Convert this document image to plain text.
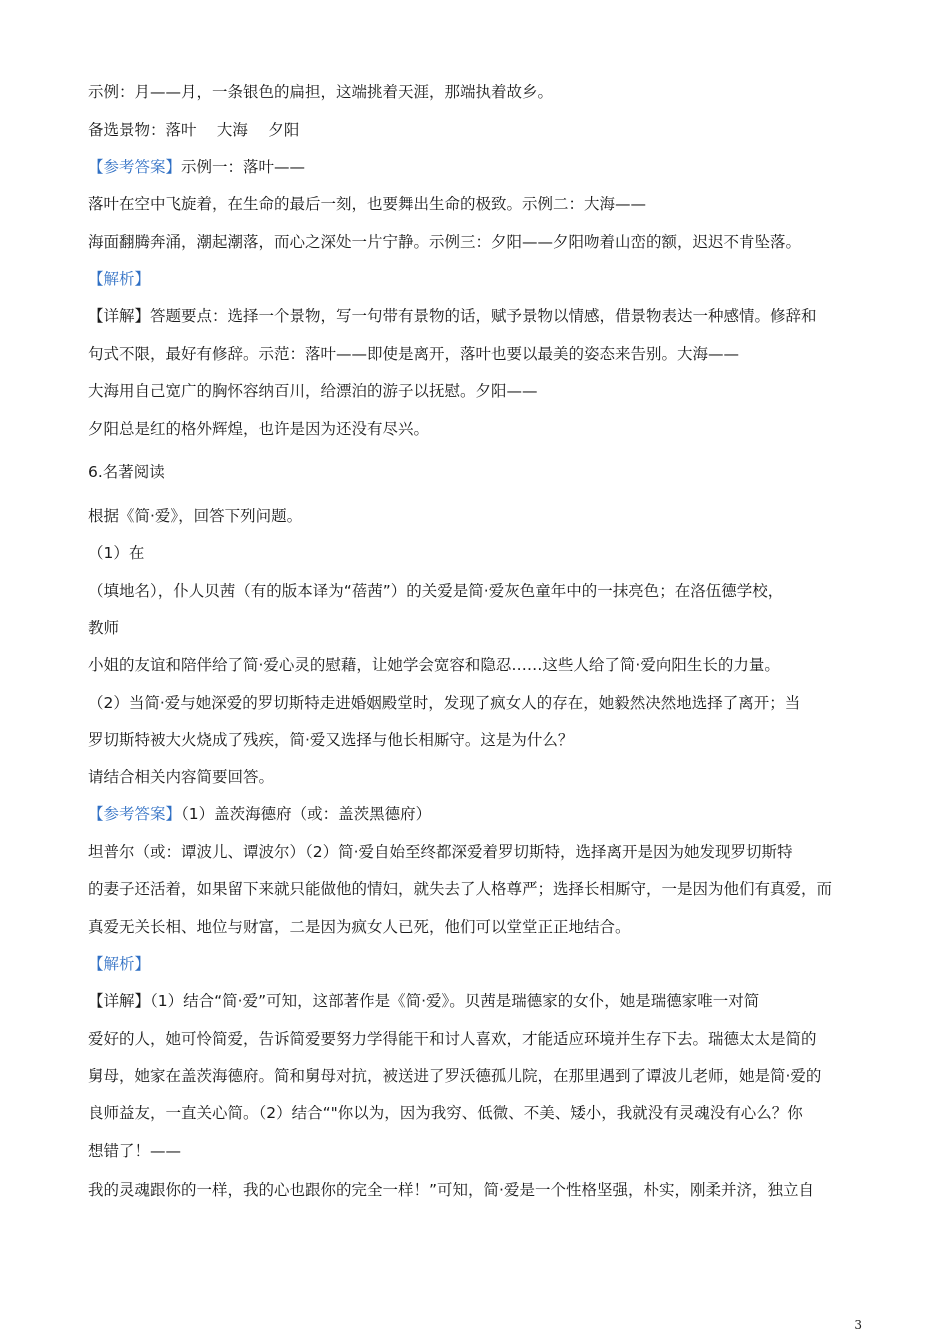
示例：月——月，一条银色的扁担，这端挑着天涯，那端执着故乡。
备选景物：落叶　 大海　 夕阳
【参考答案】示例一：落叶——
落叶在空中飞旋着，在生命的最后一刻，也要舞出生命的极致。示例二：大海——
海面翻腾奔涌，潮起潮落，而心之深处一片宁静。示例三：夕阳——夕阳吻着山峦的额，迟迟不肯坠落。
【解析】
【详解】答题要点：选择一个景物，写一句带有景物的话，赋予景物以情感，借景物表达一种感情。修辞和
句式不限，最好有修辞。示范：落叶——即使是离开，落叶也要以最美的姿态来告别。大海——
大海用自己宽广的胸怀容纳百川，给漂泊的游子以抚慰。夕阳——
夕阳总是红的格外辉煌，也许是因为还没有尽兴。
6.名著阅读
根据《简·爱》，回答下列问题。
（1）在
（填地名），仆人贝茜（有的版本译为“蓓茜”）的关爱是简·爱灰色童年中的一抹亮色；在洛伍德学校，
教师
小姐的友谊和陪伴给了简·爱心灵的慰藉，让她学会宽容和隐忍……这些人给了简·爱向阳生长的力量。
（2）当简·爱与她深爱的罗切斯特走进婚姻殿堂时，发现了疯女人的存在，她毅然决然地选择了离开；当
罗切斯特被大火烧成了残疾，简·爱又选择与他长相厮守。这是为什么？
请结合相关内容简要回答。
【参考答案】（1）盖茨海德府（或：盖茨黑德府）
坦普尔（或：谭波儿、谭波尔）（2）简·爱自始至终都深爱着罗切斯特，选择离开是因为她发现罗切斯特
的妻子还活着，如果留下来就只能做他的情妇，就失去了人格尊严；选择长相厮守，一是因为他们有真爱，而
真爱无关长相、地位与财富，二是因为疯女人已死，他们可以堂堂正正地结合。
【解析】
【详解】（1）结合“简·爱”可知，这部著作是《简·爱》。贝茜是瑞德家的女仆，她是瑞德家唯一对简
爱好的人，她可怜简爱，告诉简爱要努力学得能干和讨人喜欢，才能适应环境并生存下去。瑞德太太是简的
舅母，她家在盖茨海德府。简和舅母对抗，被送进了罗沃德孤儿院，在那里遇到了谭波儿老师，她是简·爱的
良师益友，一直关心简。（2）结合“"你以为，因为我穷、低微、不美、矮小，我就没有灵魂没有心么？你
想错了！——
我的灵魂跟你的一样，我的心也跟你的完全一样！”可知，简·爱是一个性格坚强，朴实，刚柔并济，独立自
3
